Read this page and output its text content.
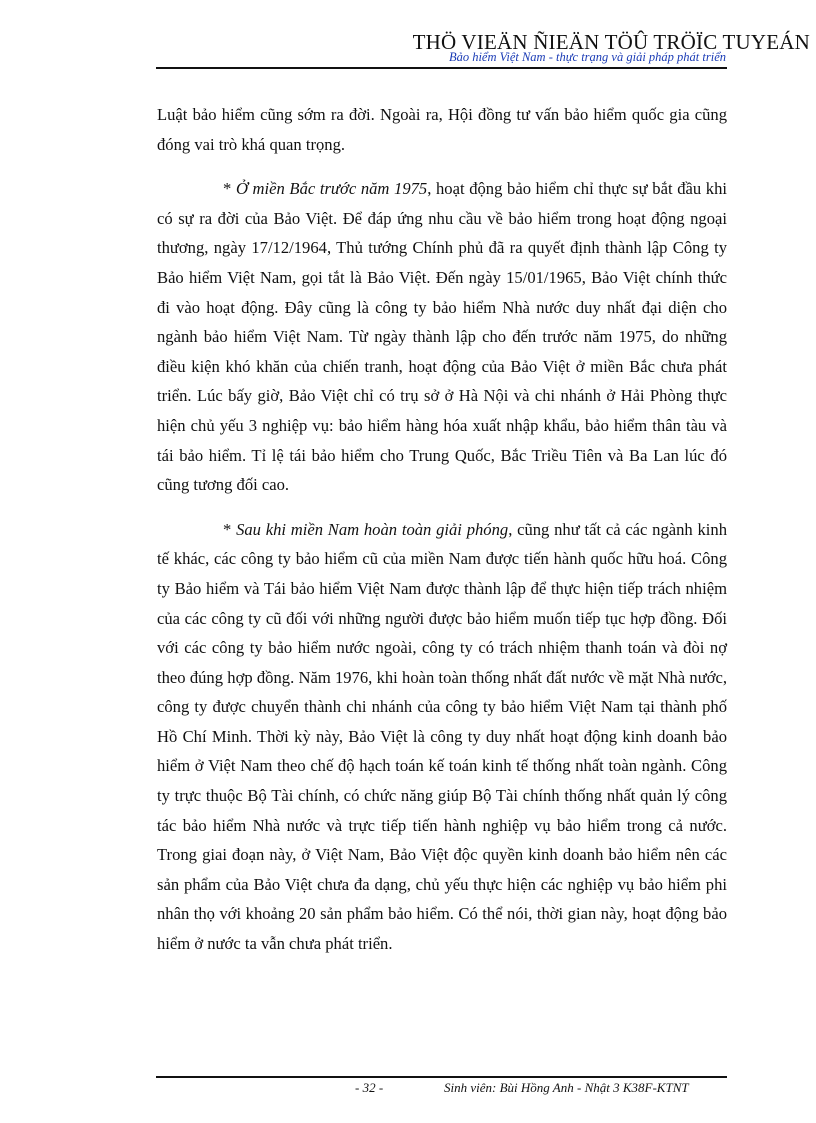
THÖ VIEÄN ÑIEÄN TÖÛ TRÖÏC TUYEÁN
Bảo hiểm Việt Nam - thực trạng và giải pháp phát triển

Luật bảo hiểm cũng sớm ra đời. Ngoài ra, Hội đồng tư vấn bảo hiểm quốc gia cũng đóng vai trò khá quan trọng.

* Ở miền Bắc trước năm 1975, hoạt động bảo hiểm chỉ thực sự bắt đầu khi có sự ra đời của Bảo Việt. Để đáp ứng nhu cầu về bảo hiểm trong hoạt động ngoại thương, ngày 17/12/1964, Thủ tướng Chính phủ đã ra quyết định thành lập Công ty Bảo hiểm Việt Nam, gọi tắt là Bảo Việt. Đến ngày 15/01/1965, Bảo Việt chính thức đi vào hoạt động. Đây cũng là công ty bảo hiểm Nhà nước duy nhất đại diện cho ngành bảo hiểm Việt Nam. Từ ngày thành lập cho đến trước năm 1975, do những điều kiện khó khăn của chiến tranh, hoạt động của Bảo Việt ở miền Bắc chưa phát triển. Lúc bấy giờ, Bảo Việt chỉ có trụ sở ở Hà Nội và chi nhánh ở Hải Phòng thực hiện chủ yếu 3 nghiệp vụ: bảo hiểm hàng hóa xuất nhập khẩu, bảo hiểm thân tàu và tái bảo hiểm. Tỉ lệ tái bảo hiểm cho Trung Quốc, Bắc Triều Tiên và Ba Lan lúc đó cũng tương đối cao.

* Sau khi miền Nam hoàn toàn giải phóng, cũng như tất cả các ngành kinh tế khác, các công ty bảo hiểm cũ của miền Nam được tiến hành quốc hữu hoá. Công ty Bảo hiểm và Tái bảo hiểm Việt Nam được thành lập để thực hiện tiếp trách nhiệm của các công ty cũ đối với những người được bảo hiểm muốn tiếp tục hợp đồng. Đối với các công ty bảo hiểm nước ngoài, công ty có trách nhiệm thanh toán và đòi nợ theo đúng hợp đồng. Năm 1976, khi hoàn toàn thống nhất đất nước về mặt Nhà nước, công ty được chuyển thành chi nhánh của công ty bảo hiểm Việt Nam tại thành phố Hồ Chí Minh. Thời kỳ này, Bảo Việt là công ty duy nhất hoạt động kinh doanh bảo hiểm ở Việt Nam theo chế độ hạch toán kế toán kinh tế thống nhất toàn ngành. Công ty trực thuộc Bộ Tài chính, có chức năng giúp Bộ Tài chính thống nhất quản lý công tác bảo hiểm Nhà nước và trực tiếp tiến hành nghiệp vụ bảo hiểm trong cả nước. Trong giai đoạn này, ở Việt Nam, Bảo Việt độc quyền kinh doanh bảo hiểm nên các sản phẩm của Bảo Việt chưa đa dạng, chủ yếu thực hiện các nghiệp vụ bảo hiểm phi nhân thọ với khoảng 20 sản phẩm bảo hiểm. Có thể nói, thời gian này, hoạt động bảo hiểm ở nước ta vẫn chưa phát triển.

- 32 -	Sinh viên: Bùi Hồng Anh - Nhật 3 K38F-KTNT
